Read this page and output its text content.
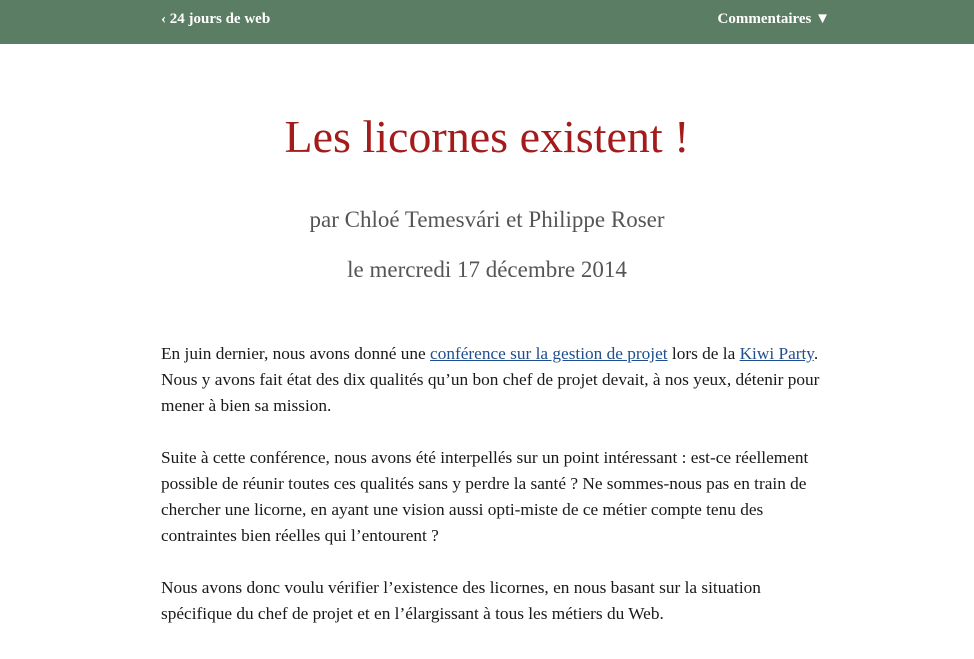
‹ 24 jours de web	Commentaires ▼
Les licornes existent !

par Chloé Temesvári et Philippe Roser

le mercredi 17 décembre 2014

En juin dernier, nous avons donné une conférence sur la gestion de projet lors de la Kiwi Party. Nous y avons fait état des dix qualités qu’un bon chef de projet devait, à nos yeux, détenir pour mener à bien sa mission.

Suite à cette conférence, nous avons été interpellés sur un point intéressant : est-ce réellement possible de réunir toutes ces qualités sans y perdre la santé ? Ne sommes-nous pas en train de chercher une licorne, en ayant une vision aussi opti-miste de ce métier compte tenu des contraintes bien réelles qui l’entourent ?

Nous avons donc voulu vérifier l’existence des licornes, en nous basant sur la situation spécifique du chef de projet et en l’élargissant à tous les métiers du Web.
